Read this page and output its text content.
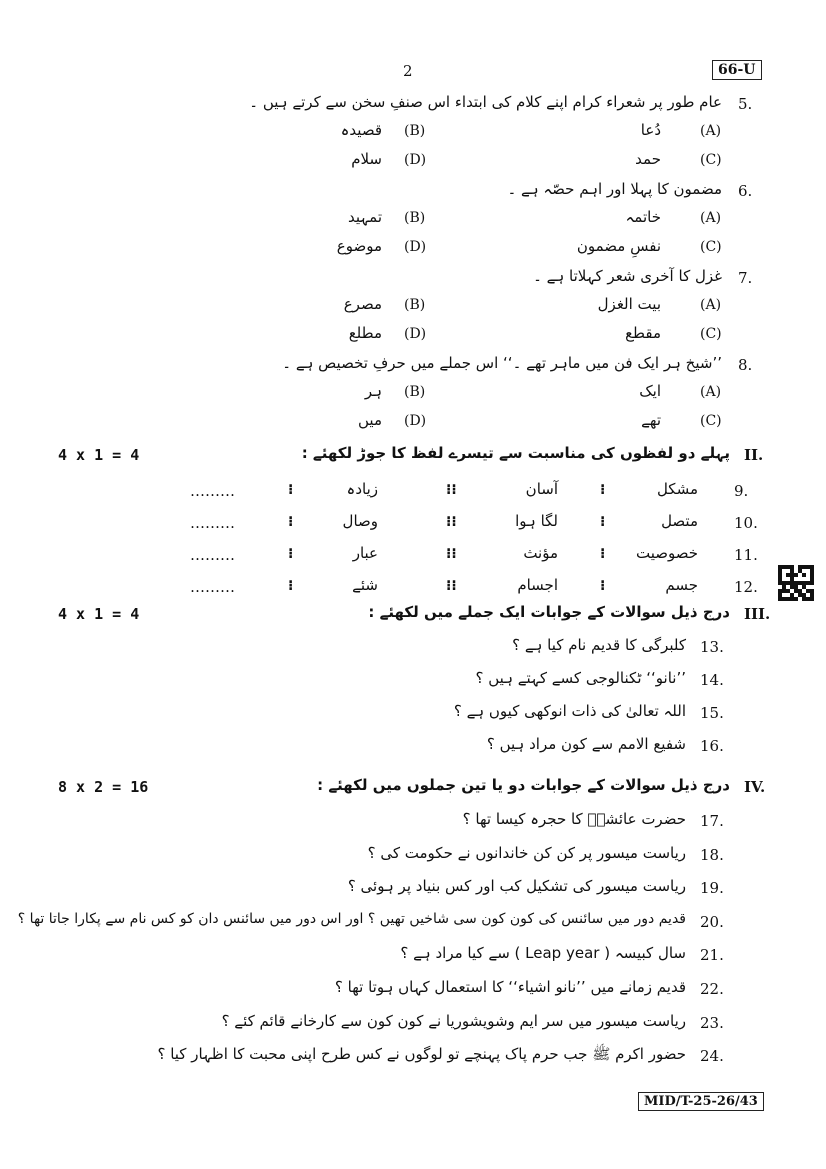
2	66-U
5.
عام طور پر شعراء کرام اپنے کلام کی ابتداء اس صنفِ سخن سے کرتے ہیں ۔
(A)
دُعا
(B)
قصیدہ
(C)
حمد
(D)
سلام
6.
مضمون کا پہلا اور اہم حصّہ ہے ۔
(A)
خاتمہ
(B)
تمہید
(C)
نفسِ مضمون
(D)
موضوع
7.
غزل کا آخری شعر کہلاتا ہے ۔
(A)
بیت الغزل
(B)
مصرع
(C)
مقطع
(D)
مطلع
8.
’’شیخ ہر ایک فن میں ماہر تھے ۔‘‘ اس جملے میں حرفِ تخصیص ہے ۔
(A)
ایک
(B)
ہر
(C)
تھے
(D)
میں
II.
پہلے دو لفظوں کی مناسبت سے تیسرے لفظ کا جوڑ لکھئے :
4 x 1 = 4
9.
مشکل
⁝
آسان
⁝⁝
زیادہ
⁝
………
10.
متصل
⁝
لگا ہوا
⁝⁝
وصال
⁝
………
11.
خصوصیت
⁝
مؤنث
⁝⁝
عبار
⁝
………
12.
جسم
⁝
اجسام
⁝⁝
شئے
⁝
………
III.
درج ذیل سوالات کے جوابات ایک جملے میں لکھئے :
4 x 1 = 4
13.
کلبرگی کا قدیم نام کیا ہے ؟
14.
’’نانو‘‘ ٹکنالوجی کسے کہتے ہیں ؟
15.
اللہ تعالیٰ کی ذات انوکھی کیوں ہے ؟
16.
شفیع الامم سے کون مراد ہیں ؟
IV.
درج ذیل سوالات کے جوابات دو یا تین جملوں میں لکھئے :
8 x 2 = 16
17.
حضرت عائشہؓ کا حجرہ کیسا تھا ؟
18.
ریاست میسور پر کن کن خاندانوں نے حکومت کی ؟
19.
ریاست میسور کی تشکیل کب اور کس بنیاد پر ہوئی ؟
20.
قدیم دور میں سائنس کی کون کون سی شاخیں تھیں ؟ اور اس دور میں سائنس دان کو کس نام سے پکارا جاتا تھا ؟
21.
سال کبیسہ ( Leap year ) سے کیا مراد ہے ؟
22.
قدیم زمانے میں ’’نانو اشیاء‘‘ کا استعمال کہاں ہوتا تھا ؟
23.
ریاست میسور میں سر ایم وشویشوریا نے کون کون سے کارخانے قائم کئے ؟
24.
حضور اکرم ﷺ جب حرم پاک پہنچے تو لوگوں نے کس طرح اپنی محبت کا اظہار کیا ؟
MID/T-25-26/43
